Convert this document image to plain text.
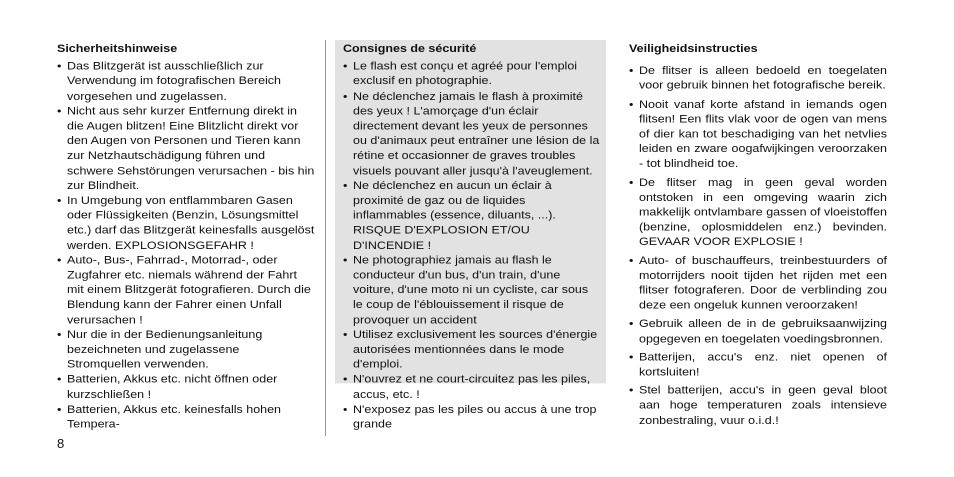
Sicherheitshinweise
• Das Blitzgerät ist ausschließlich zur Verwendung im fotografischen Bereich vorgesehen und zugelassen.
• Nicht aus sehr kurzer Entfernung direkt in die Augen blitzen! Eine Blitzlicht direkt vor den Augen von Personen und Tieren kann zur Netzhautschädigung führen und schwere Sehstörungen verursachen - bis hin zur Blindheit.
• In Umgebung von entflammbaren Gasen oder Flüssigkeiten (Benzin, Lösungsmittel etc.) darf das Blitzgerät keinesfalls ausgelöst werden. EXPLOSIONSGEFAHR !
• Auto-, Bus-, Fahrrad-, Motorrad-, oder Zugfahrer etc. niemals während der Fahrt mit einem Blitzgerät fotografieren. Durch die Blendung kann der Fahrer einen Unfall verursachen !
• Nur die in der Bedienungsanleitung bezeichneten und zugelassene Stromquellen verwenden.
• Batterien, Akkus etc. nicht öffnen oder kurzschließen !
• Batterien, Akkus etc. keinesfalls hohen Tempera-
Consignes de sécurité
• Le flash est conçu et agréé pour l'emploi exclusif en photographie.
• Ne déclenchez jamais le flash à proximité des yeux ! L'amorçage d'un éclair directement devant les yeux de personnes ou d'animaux peut entraîner une lésion de la rétine et occasionner de graves troubles visuels pouvant aller jusqu'à l'aveuglement.
• Ne déclenchez en aucun un éclair à proximité de gaz ou de liquides inflammables (essence, diluants, ...). RISQUE D'EXPLOSION ET/OU D'INCENDIE !
• Ne photographiez jamais au flash le conducteur d'un bus, d'un train, d'une voiture, d'une moto ni un cycliste, car sous le coup de l'éblouissement il risque de provoquer un accident
• Utilisez exclusivement les sources d'énergie autorisées mentionnées dans le mode d'emploi.
• N'ouvrez et ne court-circuitez pas les piles, accus, etc. !
• N'exposez pas les piles ou accus à une trop grande
Veiligheidsinstructies
• De flitser is alleen bedoeld en toegelaten voor gebruik binnen het fotografische bereik.
• Nooit vanaf korte afstand in iemands ogen flitsen! Een flits vlak voor de ogen van mens of dier kan tot beschadiging van het netvlies leiden en zware oogafwijkingen veroorzaken - tot blindheid toe.
• De flitser mag in geen geval worden ontstoken in een omgeving waarin zich makkelijk ontvlambare gassen of vloeistoffen (benzine, oplosmiddelen enz.) bevinden. GEVAAR VOOR EXPLOSIE !
• Auto- of buschauffeurs, treinbestuurders of motorrijders nooit tijden het rijden met een flitser fotograferen. Door de verblinding zou deze een ongeluk kunnen veroorzaken!
• Gebruik alleen de in de gebruiksaanwijzing opgegeven en toegelaten voedingsbronnen.
• Batterijen, accu's enz. niet openen of kortsluiten!
• Stel batterijen, accu's in geen geval bloot aan hoge temperaturen zoals intensieve zonbestraling, vuur o.i.d.!
8
